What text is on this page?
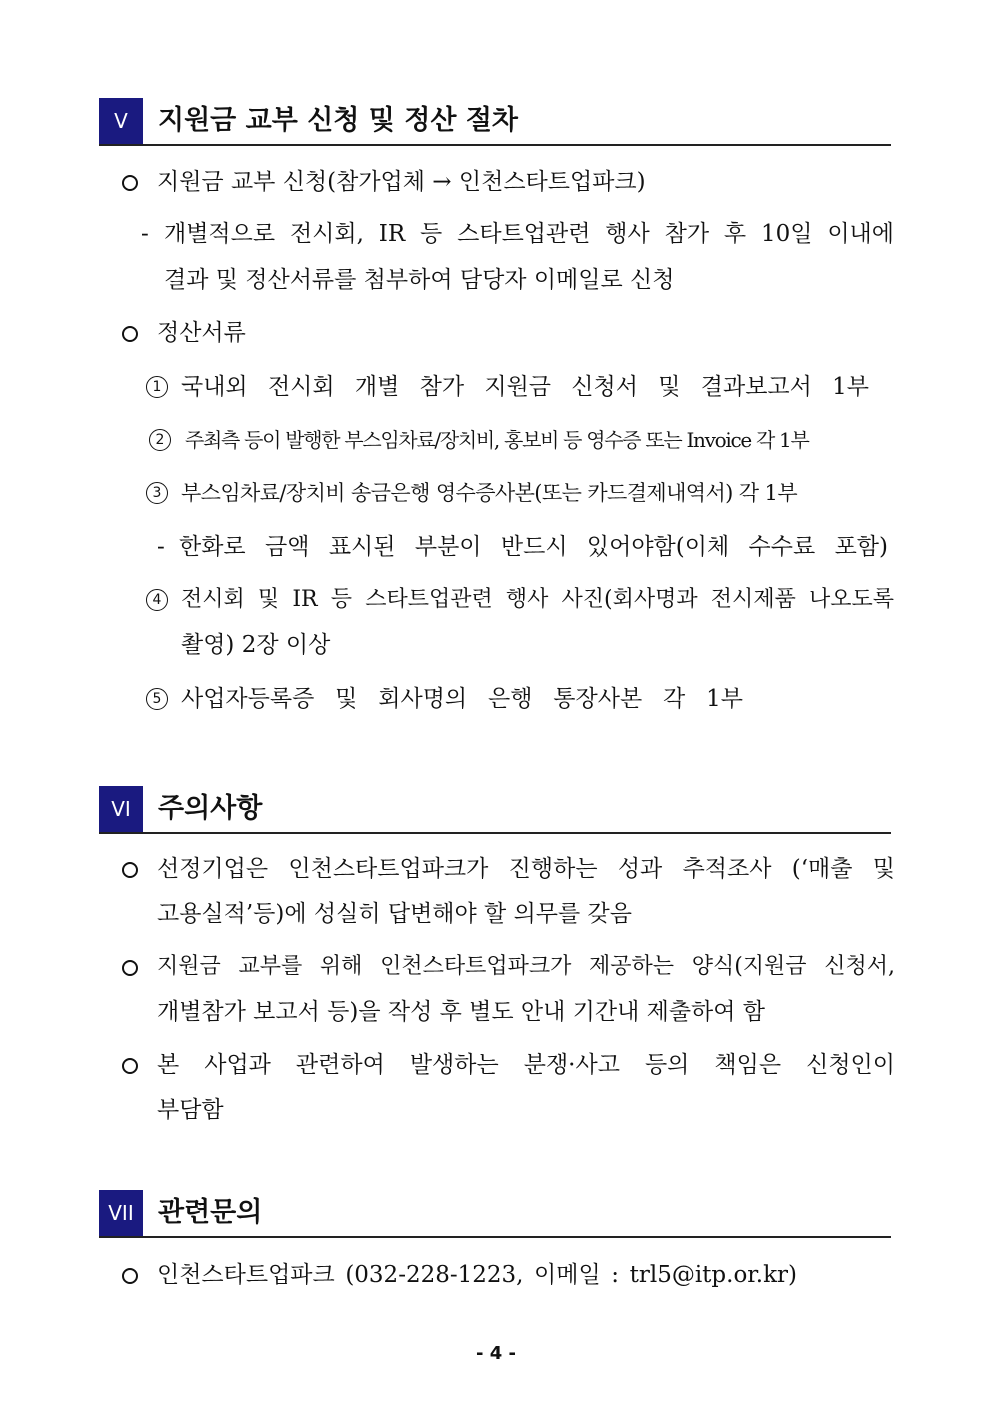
V	지원금 교부 신청 및 정산 절차
지원금 교부 신청(참가업체 → 인천스타트업파크)
- 개별적으로 전시회, IR 등 스타트업관련 행사 참가 후 10일 이내에
결과 및 정산서류를 첨부하여 담당자 이메일로 신청
정산서류
1 국내외 전시회 개별 참가 지원금 신청서 및 결과보고서 1부
2	주최측 등이 발행한 부스임차료/장치비, 홍보비 등 영수증 또는 Invoice 각 1부
3 부스임차료/장치비 송금은행 영수증사본(또는 카드결제내역서) 각 1부
- 한화로 금액 표시된 부분이 반드시 있어야함(이체 수수료 포함)
4 전시회 및 IR 등 스타트업관련 행사 사진(회사명과 전시제품 나오도록
촬영) 2장 이상
5 사업자등록증 및 회사명의 은행 통장사본 각 1부
VI	주의사항
선정기업은 인천스타트업파크가 진행하는 성과 추적조사 (‘매출 및
고용실적’등)에 성실히 답변해야 할 의무를 갖음
지원금 교부를 위해 인천스타트업파크가 제공하는 양식(지원금 신청서,
개별참가 보고서 등)을 작성 후 별도 안내 기간내 제출하여 함
본 사업과 관련하여 발생하는 분쟁·사고 등의 책임은 신청인이
부담함
VII 관련문의
인천스타트업파크 (032-228-1223, 이메일 : trl5@itp.or.kr)
- 4 -
